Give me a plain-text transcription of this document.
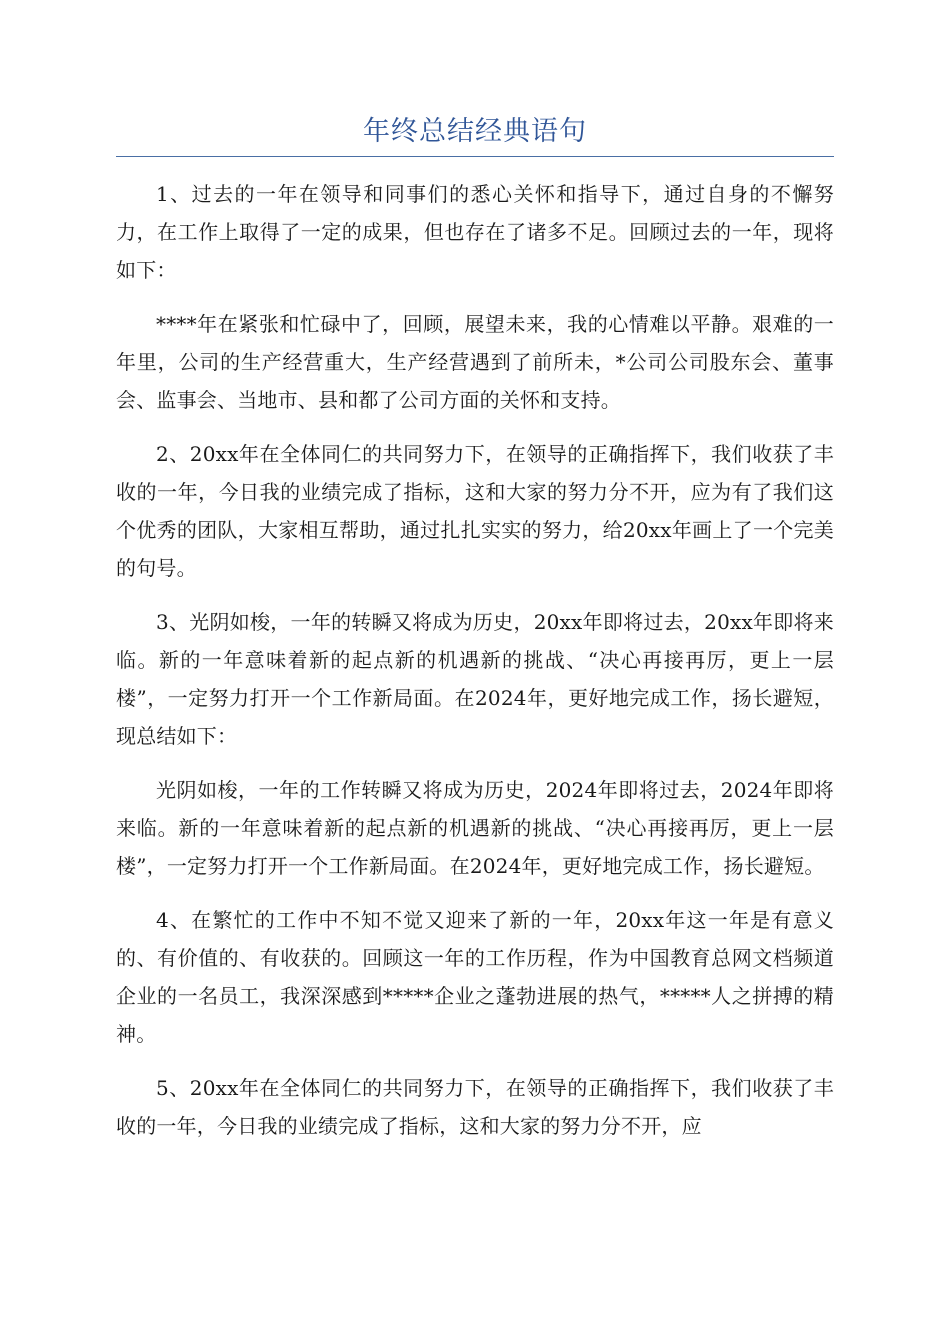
年终总结经典语句

1、过去的一年在领导和同事们的悉心关怀和指导下，通过自身的不懈努力，在工作上取得了一定的成果，但也存在了诸多不足。回顾过去的一年，现将如下：

****年在紧张和忙碌中了，回顾，展望未来，我的心情难以平静。艰难的一年里，公司的生产经营重大，生产经营遇到了前所未，*公司公司股东会、董事会、监事会、当地市、县和都了公司方面的关怀和支持。

2、20xx年在全体同仁的共同努力下，在领导的正确指挥下，我们收获了丰收的一年，今日我的业绩完成了指标，这和大家的努力分不开，应为有了我们这个优秀的团队，大家相互帮助，通过扎扎实实的努力，给20xx年画上了一个完美的句号。

3、光阴如梭，一年的转瞬又将成为历史，20xx年即将过去，20xx年即将来临。新的一年意味着新的起点新的机遇新的挑战、“决心再接再厉，更上一层楼”，一定努力打开一个工作新局面。在2024年，更好地完成工作，扬长避短，现总结如下：

光阴如梭，一年的工作转瞬又将成为历史，2024年即将过去，2024年即将来临。新的一年意味着新的起点新的机遇新的挑战、“决心再接再厉，更上一层楼”，一定努力打开一个工作新局面。在2024年，更好地完成工作，扬长避短。

4、在繁忙的工作中不知不觉又迎来了新的一年，20xx年这一年是有意义的、有价值的、有收获的。回顾这一年的工作历程，作为中国教育总网文档频道企业的一名员工，我深深感到*****企业之蓬勃进展的热气，*****人之拼搏的精神。

5、20xx年在全体同仁的共同努力下，在领导的正确指挥下，我们收获了丰收的一年，今日我的业绩完成了指标，这和大家的努力分不开，应
